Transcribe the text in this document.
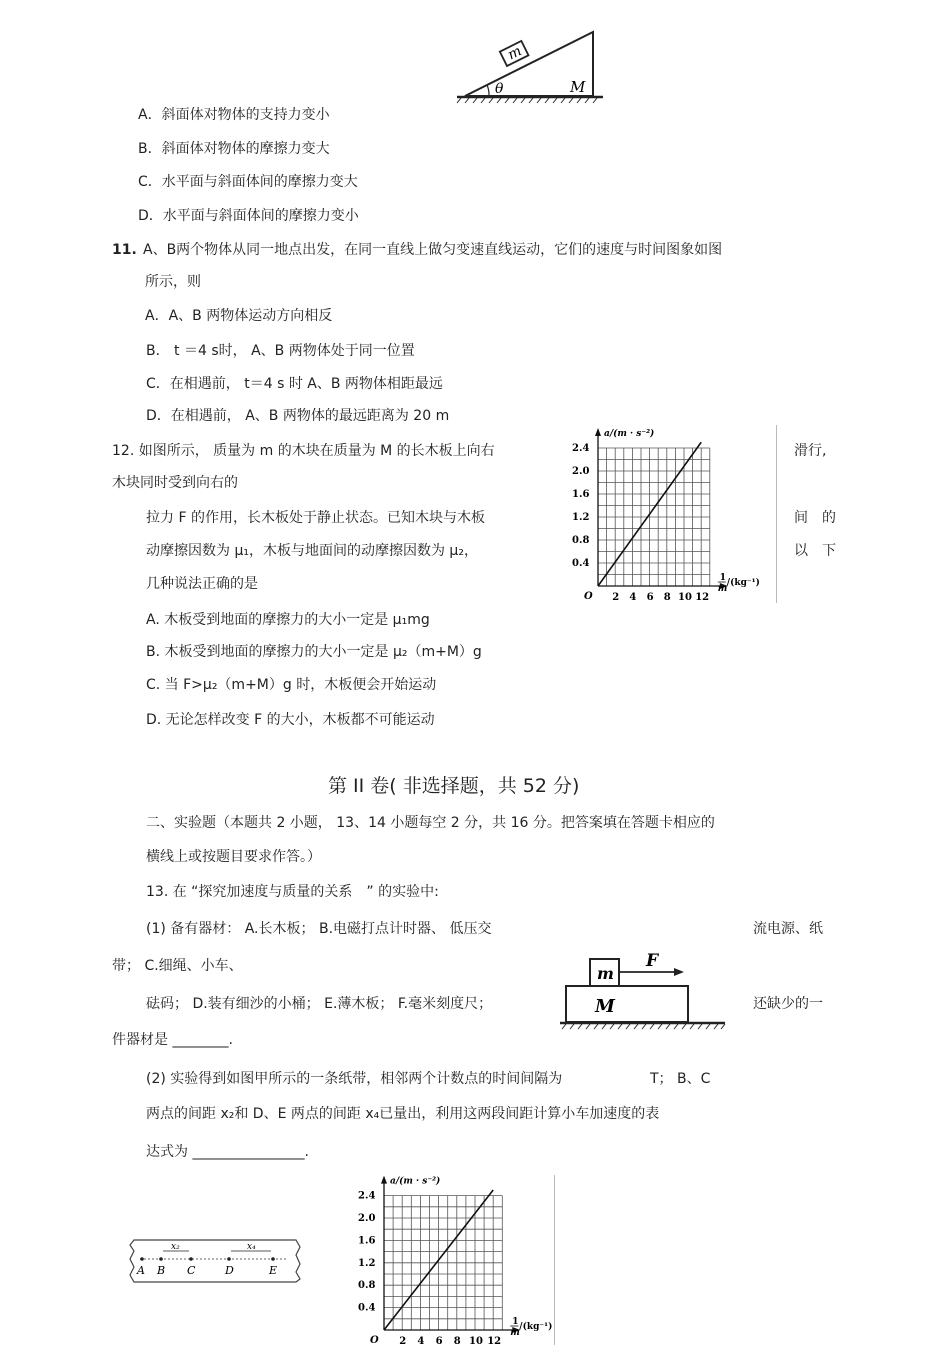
m
θ	M
A．斜面体对物体的支持力变小
B．斜面体对物体的摩擦力变大
C．水平面与斜面体间的摩擦力变大
D．水平面与斜面体间的摩擦力变小
11. A、B两个物体从同一地点出发，在同一直线上做匀变速直线运动，它们的速度与时间图象如图
所示，则
A．A、B 两物体运动方向相反
B． t ＝4 s时， A、B 两物体处于同一位置
C．在相遇前， t＝4 s 时 A、B 两物体相距最远
D．在相遇前， A、B 两物体的最远距离为 20 m
12. 如图所示， 质量为 m 的木块在质量为 M 的长木板上向右	滑行,
木块同时受到向右的
拉力 F 的作用，长木板处于静止状态。已知木块与木板	间　的
动摩擦因数为 μ₁，木板与地面间的动摩擦因数为 μ₂，	以　下
几种说法正确的是
A. 木板受到地面的摩擦力的大小一定是 μ₁mg
B. 木板受到地面的摩擦力的大小一定是 μ₂（m+M）g
C. 当 F>μ₂（m+M）g 时，木板便会开始运动
D. 无论怎样改变 F 的大小，木板都不可能运动
2.4
2.0
1.6
1.2
0.8
0.4
2 4 6 8 10 12
O
a/(m · s⁻²)
1
m
/(kg⁻¹)
第 II 卷( 非选择题，共 52 分)
二、实验题（本题共 2 小题， 13、14 小题每空 2 分，共 16 分。把答案填在答题卡相应的
横线上或按题目要求作答。）
13. 在 “探究加速度与质量的关系　” 的实验中:
(1) 备有器材： A.长木板； B.电磁打点计时器、 低压交	流电源、纸
带； C.细绳、小车、
砝码； D.装有细沙的小桶； E.薄木板； F.毫米刻度尺；	还缺少的一
件器材是 ________.
(2) 实验得到如图甲所示的一条纸带，相邻两个计数点的时间间隔为	T； B、C
两点的间距 x₂和 D、E 两点的间距 x₄已量出，利用这两段间距计算小车加速度的表
达式为 ________________.
m
M
F
x₂	x₄
A B C	D	E
2.4
2.0
1.6
1.2
0.8
0.4
2 4 6 8 10 12
O
a/(m · s⁻²)
1
m
/(kg⁻¹)
